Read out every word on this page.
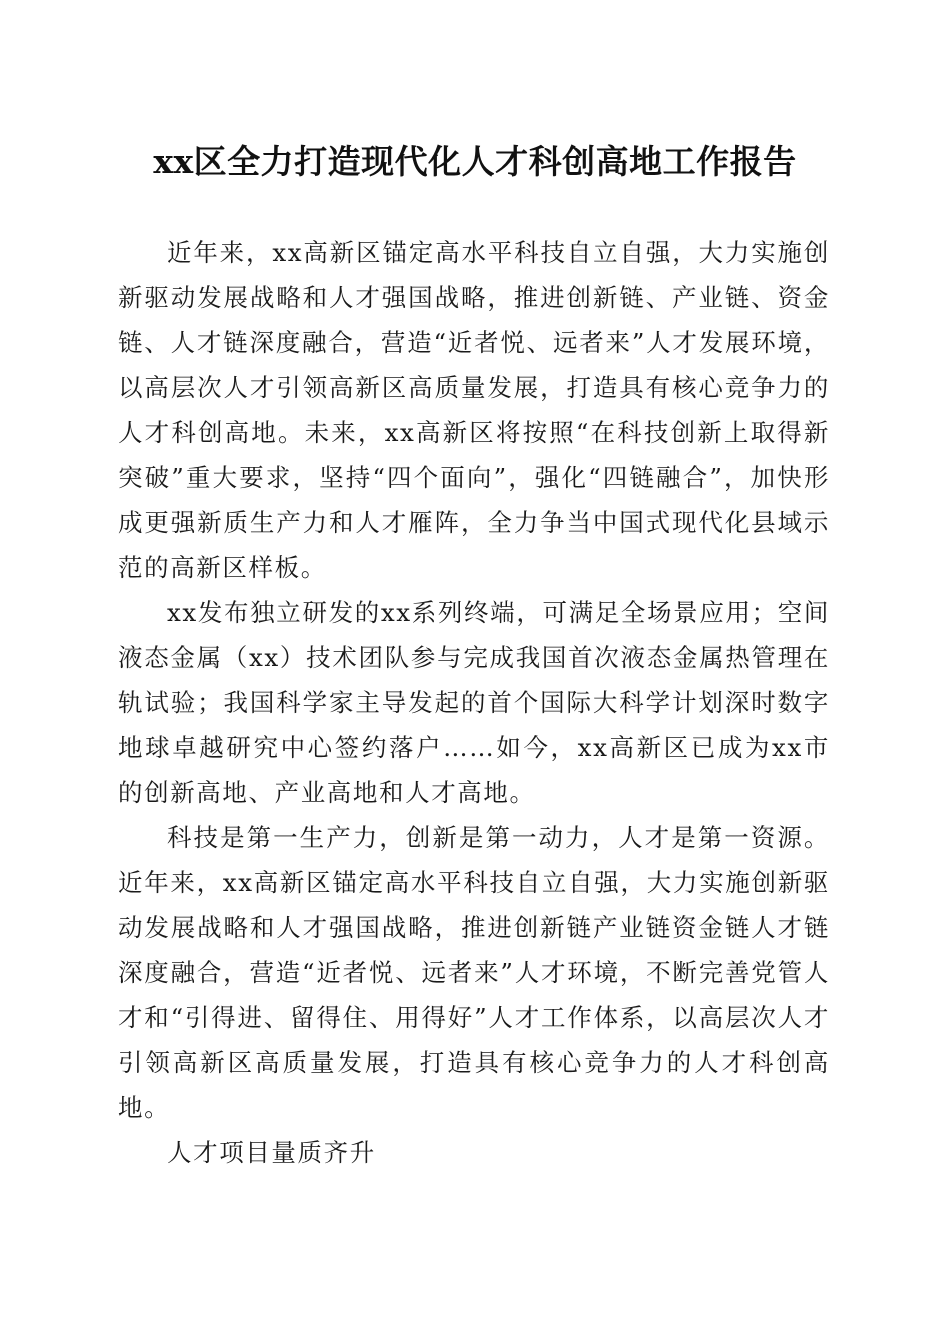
xx区全力打造现代化人才科创高地工作报告

近年来，xx高新区锚定高水平科技自立自强，大力实施创新驱动发展战略和人才强国战略，推进创新链、产业链、资金链、人才链深度融合，营造“近者悦、远者来”人才发展环境，以高层次人才引领高新区高质量发展，打造具有核心竞争力的人才科创高地。未来，xx高新区将按照“在科技创新上取得新突破”重大要求，坚持“四个面向”，强化“四链融合”，加快形成更强新质生产力和人才雁阵，全力争当中国式现代化县域示范的高新区样板。

xx发布独立研发的xx系列终端，可满足全场景应用；空间液态金属（xx）技术团队参与完成我国首次液态金属热管理在轨试验；我国科学家主导发起的首个国际大科学计划深时数字地球卓越研究中心签约落户……如今，xx高新区已成为xx市的创新高地、产业高地和人才高地。

科技是第一生产力，创新是第一动力，人才是第一资源。近年来，xx高新区锚定高水平科技自立自强，大力实施创新驱动发展战略和人才强国战略，推进创新链产业链资金链人才链深度融合，营造“近者悦、远者来”人才环境，不断完善党管人才和“引得进、留得住、用得好”人才工作体系，以高层次人才引领高新区高质量发展，打造具有核心竞争力的人才科创高地。

人才项目量质齐升
